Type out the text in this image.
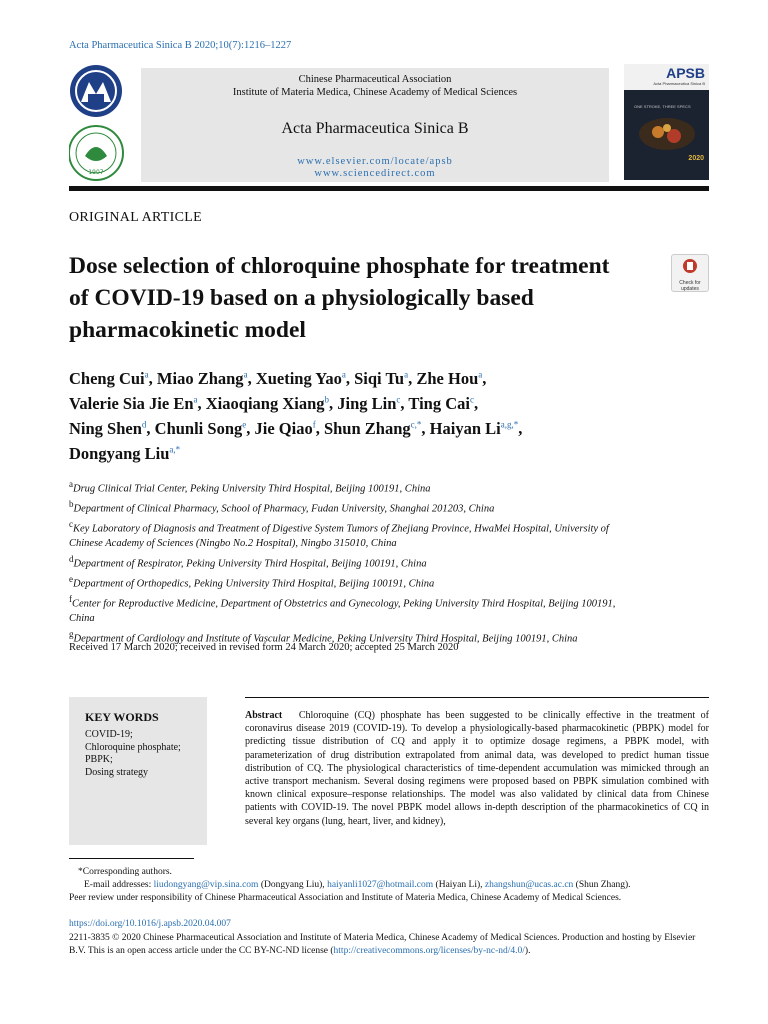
Acta Pharmaceutica Sinica B 2020;10(7):1216‒1227
1907
Chinese Pharmaceutical Association
Institute of Materia Medica, Chinese Academy of Medical Sciences
Acta Pharmaceutica Sinica B
www.elsevier.com/locate/apsb
www.sciencedirect.com
APSB
Acta Pharmaceutica Sinica B
ONE STROKE, THREE SPECS
2020
ORIGINAL ARTICLE
Dose selection of chloroquine phosphate for treatment of COVID-19 based on a physiologically based pharmacokinetic model
Check for updates
Cheng Cui$^a$, Miao Zhang$^a$, Xueting Yao$^a$, Siqi Tu$^a$, Zhe Hou$^a$,
Valerie Sia Jie En$^a$, Xiaoqiang Xiang$^b$, Jing Lin$^c$, Ting Cai$^c$,
Ning Shen$^d$, Chunli Song$^e$, Jie Qiao$^f$, Shun Zhang$^{c,*}$, Haiyan $Li^{a,g,*}$,
Dongyang Liu$^{a,*}$
$^a$Drug Clinical Trial Center, Peking University Third Hospital, Beijing 100191, China
$^b$Department of Clinical Pharmacy, School of Pharmacy, Fudan University, Shanghai 201203, China
$^c$Key Laboratory of Diagnosis and Treatment of Digestive System Tumors of Zhejiang Province, HwaMei Hospital, University of Chinese Academy of Sciences (Ningbo No.2 Hospital), Ningbo 315010, China
$^d$Department of Respirator, Peking University Third Hospital, Beijing 100191, China
$^e$Department of Orthopedics, Peking University Third Hospital, Beijing 100191, China
$^f$Center for Reproductive Medicine, Department of Obstetrics and Gynecology, Peking University Third Hospital, Beijing 100191, China
$^g$Department of Cardiology and Institute of Vascular Medicine, Peking University Third Hospital, Beijing 100191, China
Received 17 March 2020; received in revised form 24 March 2020; accepted 25 March 2020
KEY WORDS
COVID-19;
Chloroquine phosphate;
PBPK;
Dosing strategy
Abstract Chloroquine (CQ) phosphate has been suggested to be clinically effective in the treatment of coronavirus disease 2019 (COVID-19). To develop a physiologically-based pharmacokinetic (PBPK) model for predicting tissue distribution of CQ and apply it to optimize dosage regimens, a PBPK model, with parameterization of drug distribution extrapolated from animal data, was developed to predict human tissue distribution of CQ. The physiological characteristics of time-dependent accumulation was mimicked through an active transport mechanism. Several dosing regimens were proposed based on PBPK simulation combined with known clinical exposure–response relationships. The model was also validated by clinical data from Chinese patients with COVID-19. The novel PBPK model allows in-depth description of the pharmacokinetics of CQ in several key organs (lung, heart, liver, and kidney),
*Corresponding authors.
E-mail addresses: liudongyang@vip.sina.com (Dongyang Liu), haiyanli1027@hotmail.com (Haiyan Li), zhangshun@ucas.ac.cn (Shun Zhang).
Peer review under responsibility of Chinese Pharmaceutical Association and Institute of Materia Medica, Chinese Academy of Medical Sciences.
https://doi.org/10.1016/j.apsb.2020.04.007
2211-3835 © 2020 Chinese Pharmaceutical Association and Institute of Materia Medica, Chinese Academy of Medical Sciences. Production and hosting by Elsevier B.V. This is an open access article under the CC BY-NC-ND license (http://creativecommons.org/licenses/by-nc-nd/4.0/).
